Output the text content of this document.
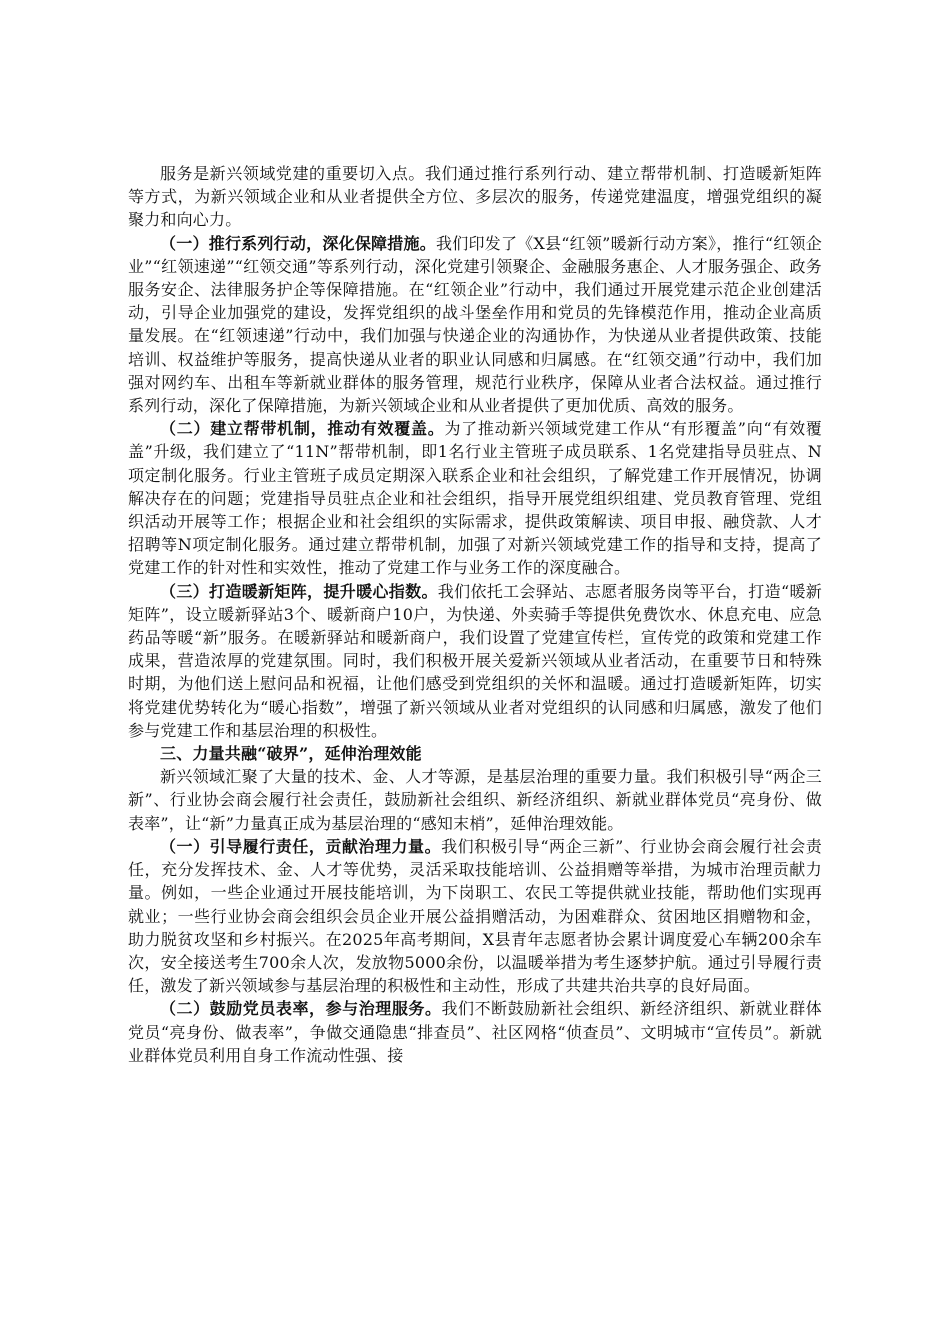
服务是新兴领域党建的重要切入点。我们通过推行系列行动、建立帮带机制、打造暖新矩阵等方式，为新兴领域企业和从业者提供全方位、多层次的服务，传递党建温度，增强党组织的凝聚力和向心力。

（一）推行系列行动，深化保障措施。我们印发了《X县“红领”暖新行动方案》，推行“红领企业”“红领速递”“红领交通”等系列行动，深化党建引领聚企、金融服务惠企、人才服务强企、政务服务安企、法律服务护企等保障措施。在“红领企业”行动中，我们通过开展党建示范企业创建活动，引导企业加强党的建设，发挥党组织的战斗堡垒作用和党员的先锋模范作用，推动企业高质量发展。在“红领速递”行动中，我们加强与快递企业的沟通协作，为快递从业者提供政策、技能培训、权益维护等服务，提高快递从业者的职业认同感和归属感。在“红领交通”行动中，我们加强对网约车、出租车等新就业群体的服务管理，规范行业秩序，保障从业者合法权益。通过推行系列行动，深化了保障措施，为新兴领域企业和从业者提供了更加优质、高效的服务。

（二）建立帮带机制，推动有效覆盖。为了推动新兴领域党建工作从“有形覆盖”向“有效覆盖”升级，我们建立了“11N”帮带机制，即1名行业主管班子成员联系、1名党建指导员驻点、N项定制化服务。行业主管班子成员定期深入联系企业和社会组织，了解党建工作开展情况，协调解决存在的问题；党建指导员驻点企业和社会组织，指导开展党组织组建、党员教育管理、党组织活动开展等工作；根据企业和社会组织的实际需求，提供政策解读、项目申报、融贷款、人才招聘等N项定制化服务。通过建立帮带机制，加强了对新兴领域党建工作的指导和支持，提高了党建工作的针对性和实效性，推动了党建工作与业务工作的深度融合。

（三）打造暖新矩阵，提升暖心指数。我们依托工会驿站、志愿者服务岗等平台，打造“暖新矩阵”，设立暖新驿站3个、暖新商户10户，为快递、外卖骑手等提供免费饮水、休息充电、应急药品等暖“新”服务。在暖新驿站和暖新商户，我们设置了党建宣传栏，宣传党的政策和党建工作成果，营造浓厚的党建氛围。同时，我们积极开展关爱新兴领域从业者活动，在重要节日和特殊时期，为他们送上慰问品和祝福，让他们感受到党组织的关怀和温暖。通过打造暖新矩阵，切实将党建优势转化为“暖心指数”，增强了新兴领域从业者对党组织的认同感和归属感，激发了他们参与党建工作和基层治理的积极性。

三、力量共融“破界”，延伸治理效能

新兴领域汇聚了大量的技术、金、人才等源，是基层治理的重要力量。我们积极引导“两企三新”、行业协会商会履行社会责任，鼓励新社会组织、新经济组织、新就业群体党员“亮身份、做表率”，让“新”力量真正成为基层治理的“感知末梢”，延伸治理效能。

（一）引导履行责任，贡献治理力量。我们积极引导“两企三新”、行业协会商会履行社会责任，充分发挥技术、金、人才等优势，灵活采取技能培训、公益捐赠等举措，为城市治理贡献力量。例如，一些企业通过开展技能培训，为下岗职工、农民工等提供就业技能，帮助他们实现再就业；一些行业协会商会组织会员企业开展公益捐赠活动，为困难群众、贫困地区捐赠物和金，助力脱贫攻坚和乡村振兴。在2025年高考期间，X县青年志愿者协会累计调度爱心车辆200余车次，安全接送考生700余人次，发放物5000余份，以温暖举措为考生逐梦护航。通过引导履行责任，激发了新兴领域参与基层治理的积极性和主动性，形成了共建共治共享的良好局面。

（二）鼓励党员表率，参与治理服务。我们不断鼓励新社会组织、新经济组织、新就业群体党员“亮身份、做表率”，争做交通隐患“排查员”、社区网格“侦查员”、文明城市“宣传员”。新就业群体党员利用自身工作流动性强、接
